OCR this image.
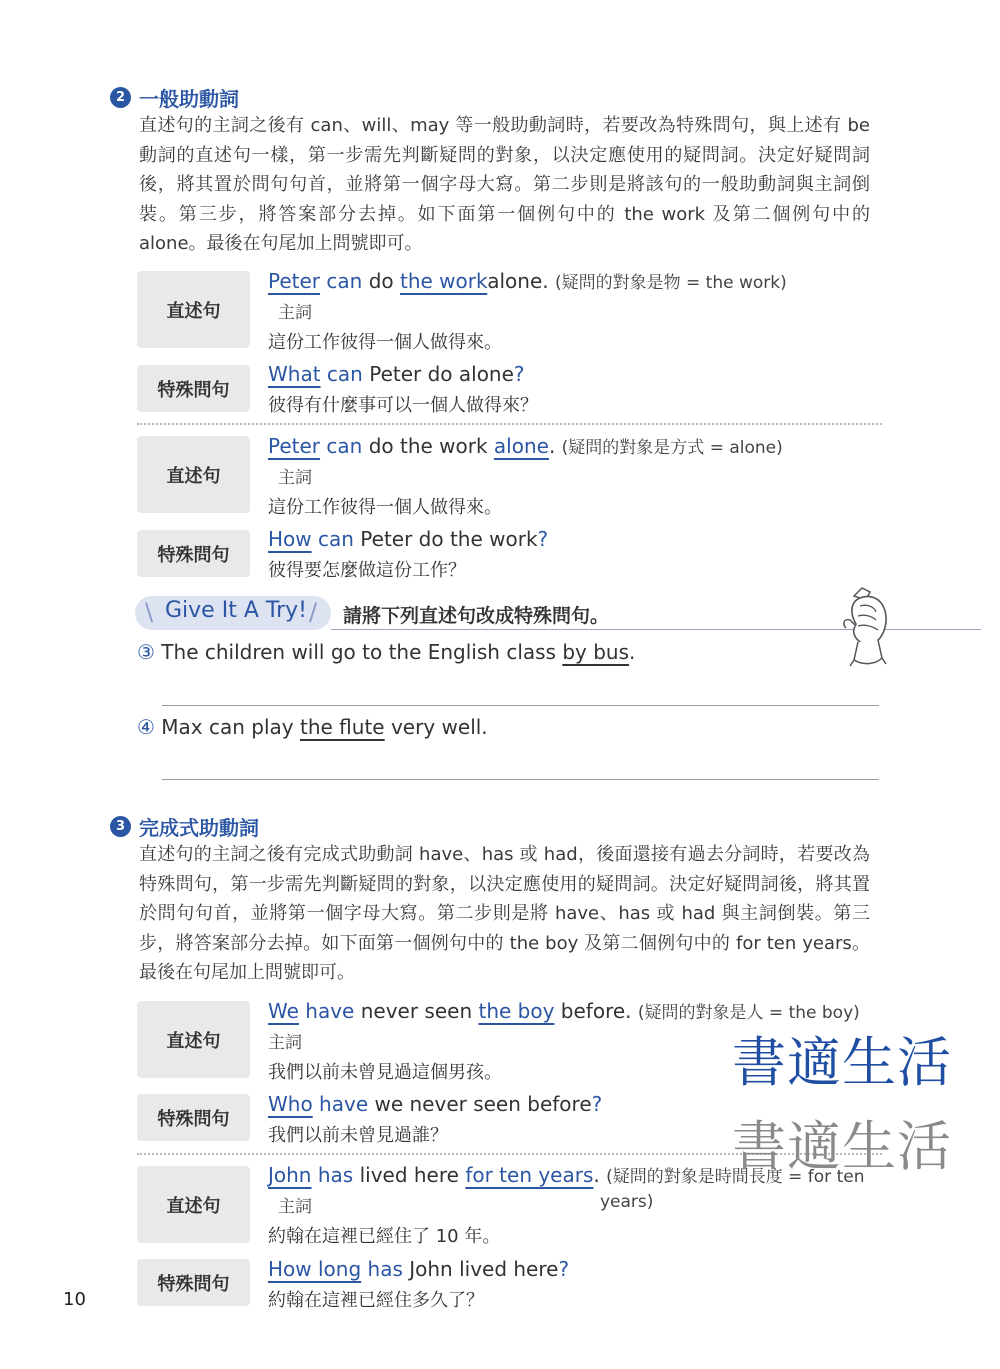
2 一般助動詞

直述句的主詞之後有 can、will、may 等一般助動詞時，若要改為特殊問句，與上述有 be 動詞的直述句一樣，第一步需先判斷疑問的對象，以決定應使用的疑問詞。決定好疑問詞後，將其置於問句句首，並將第一個字母大寫。第二步則是將該句的一般助動詞與主詞倒裝。第三步，將答案部分去掉。如下面第一個例句中的 the work 及第二個例句中的 alone。最後在句尾加上問號即可。

直述句
Peter can do the workalone. (疑問的對象是物 = the work)
主詞
這份工作彼得一個人做得來。
特殊問句
What can Peter do alone?
彼得有什麼事可以一個人做得來？
直述句
Peter can do the work alone. (疑問的對象是方式 = alone)
主詞
這份工作彼得一個人做得來。
特殊問句
How can Peter do the work?
彼得要怎麼做這份工作？
\ Give It A Try! / 請將下列直述句改成特殊問句。
③ The children will go to the English class by bus.
④ Max can play the flute very well.
3 完成式助動詞

直述句的主詞之後有完成式助動詞 have、has 或 had，後面還接有過去分詞時，若要改為特殊問句，第一步需先判斷疑問的對象，以決定應使用的疑問詞。決定好疑問詞後，將其置於問句句首，並將第一個字母大寫。第二步則是將 have、has 或 had 與主詞倒裝。第三步，將答案部分去掉。如下面第一個例句中的 the boy 及第二個例句中的 for ten years。最後在句尾加上問號即可。

直述句
We have never seen the boy before. (疑問的對象是人 = the boy)
主詞
我們以前未曾見過這個男孩。
特殊問句
Who have we never seen before?
我們以前未曾見過誰？
直述句
John has lived here for ten years. (疑問的對象是時間長度 = for ten
主詞	years)
約翰在這裡已經住了 10 年。
特殊問句
How long has John lived here?
約翰在這裡已經住多久了？
書適生活
書適生活
10
